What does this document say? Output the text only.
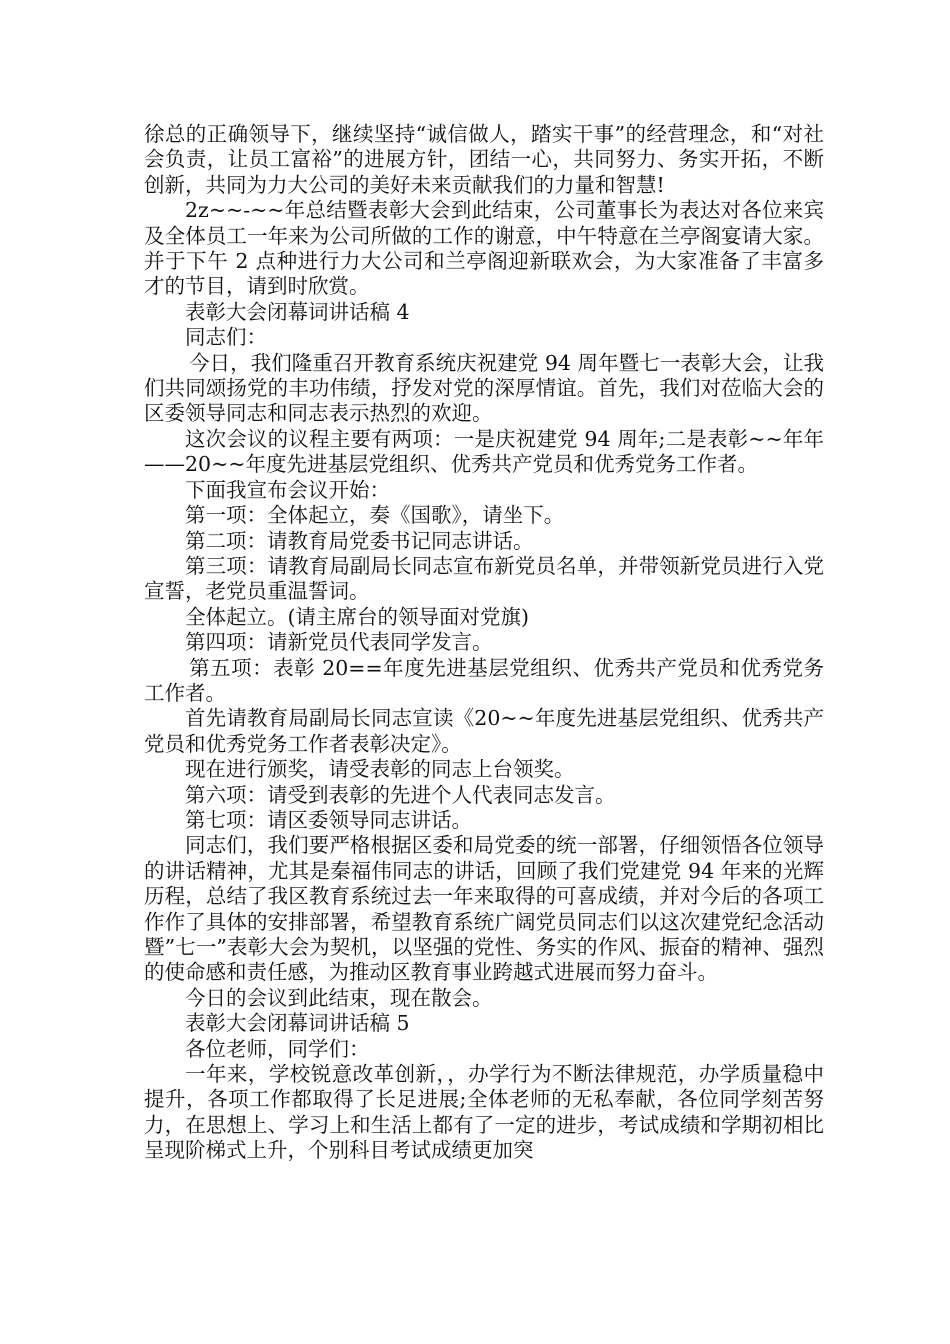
徐总的正确领导下，继续坚持“诚信做人，踏实干事”的经营理念，和“对社会负责，让员工富裕”的进展方针，团结一心，共同努力、务实开拓，不断创新，共同为力大公司的美好未来贡献我们的力量和智慧!

2z~~-~~年总结暨表彰大会到此结束，公司董事长为表达对各位来宾及全体员工一年来为公司所做的工作的谢意，中午特意在兰亭阁宴请大家。并于下午 2 点种进行力大公司和兰亭阁迎新联欢会，为大家准备了丰富多才的节目，请到时欣赏。

表彰大会闭幕词讲话稿 4

同志们：

今日，我们隆重召开教育系统庆祝建党 94 周年暨七一表彰大会，让我们共同颂扬党的丰功伟绩，抒发对党的深厚情谊。首先，我们对莅临大会的区委领导同志和同志表示热烈的欢迎。

这次会议的议程主要有两项：一是庆祝建党 94 周年;二是表彰~~年年——20~~年度先进基层党组织、优秀共产党员和优秀党务工作者。

下面我宣布会议开始：

第一项：全体起立，奏《国歌》，请坐下。

第二项：请教育局党委书记同志讲话。

第三项：请教育局副局长同志宣布新党员名单，并带领新党员进行入党宣誓，老党员重温誓词。

全体起立。(请主席台的领导面对党旗)

第四项：请新党员代表同学发言。

第五项：表彰 20==年度先进基层党组织、优秀共产党员和优秀党务工作者。

首先请教育局副局长同志宣读《20~~年度先进基层党组织、优秀共产党员和优秀党务工作者表彰决定》。

现在进行颁奖，请受表彰的同志上台领奖。

第六项：请受到表彰的先进个人代表同志发言。

第七项：请区委领导同志讲话。

同志们，我们要严格根据区委和局党委的统一部署，仔细领悟各位领导的讲话精神，尤其是秦福伟同志的讲话，回顾了我们党建党 94 年来的光辉历程，总结了我区教育系统过去一年来取得的可喜成绩，并对今后的各项工作作了具体的安排部署，希望教育系统广阔党员同志们以这次建党纪念活动暨”七一”表彰大会为契机，以坚强的党性、务实的作风、振奋的精神、强烈的使命感和责任感，为推动区教育事业跨越式进展而努力奋斗。

今日的会议到此结束，现在散会。

表彰大会闭幕词讲话稿 5

各位老师，同学们：

一年来，学校锐意改革创新，，办学行为不断法律规范，办学质量稳中提升，各项工作都取得了长足进展;全体老师的无私奉献，各位同学刻苦努力，在思想上、学习上和生活上都有了一定的进步，考试成绩和学期初相比呈现阶梯式上升，个别科目考试成绩更加突
